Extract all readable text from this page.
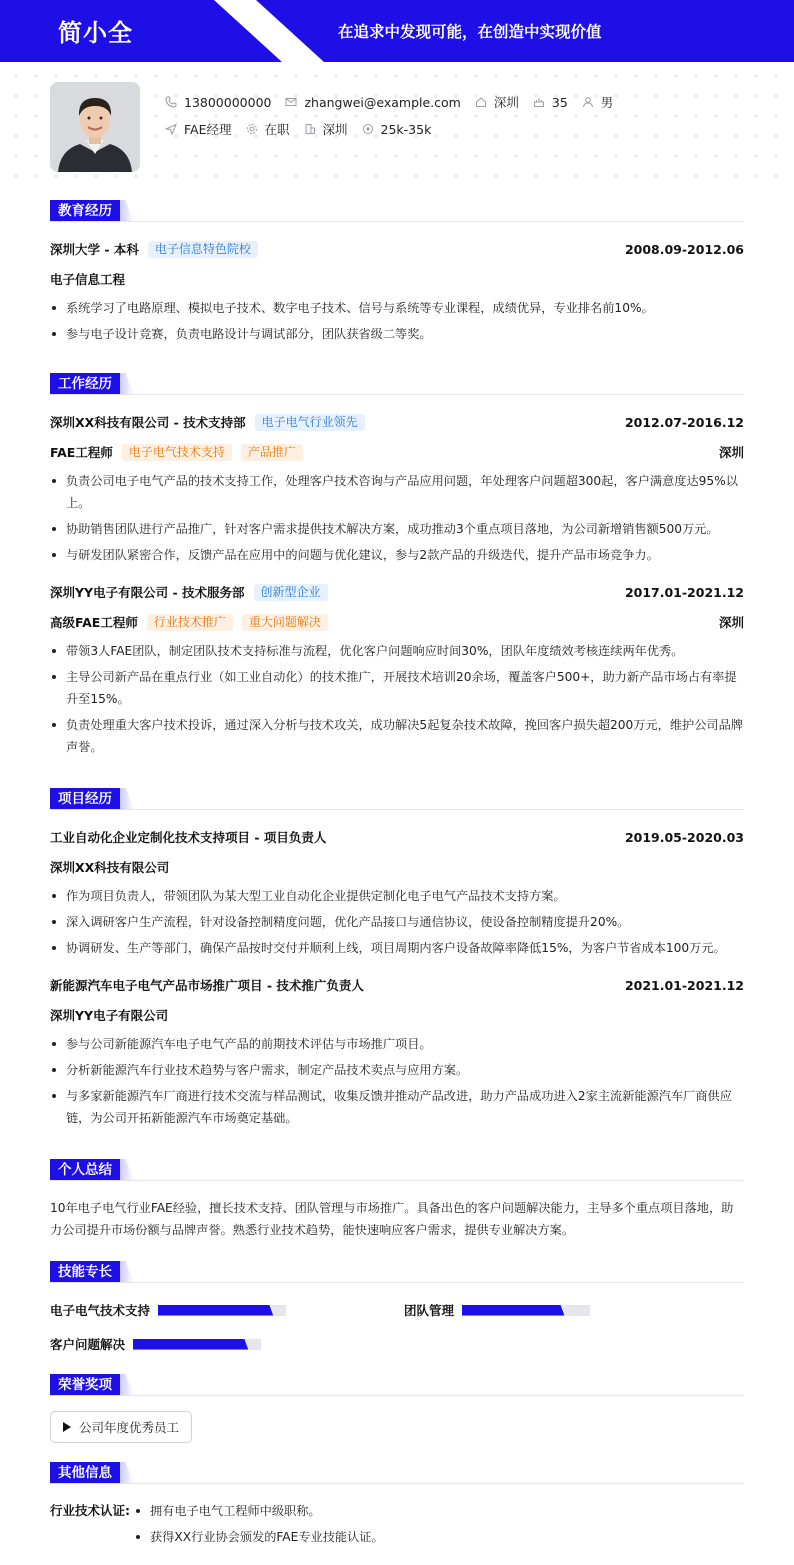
简小全	在追求中发现可能，在创造中实现价值
13800000000	zhangwei@example.com	深圳	35	男
FAE经理	在职	深圳	25k-35k
教育经历
深圳大学 - 本科	电子信息特色院校	2008.09-2012.06
电子信息工程
系统学习了电路原理、模拟电子技术、数字电子技术、信号与系统等专业课程，成绩优异，专业排名前10%。
参与电子设计竞赛，负责电路设计与调试部分，团队获省级二等奖。
工作经历
深圳XX科技有限公司 - 技术支持部	电子电气行业领先	2012.07-2016.12
FAE工程师	电子电气技术支持	产品推广	深圳
负责公司电子电气产品的技术支持工作，处理客户技术咨询与产品应用问题，年处理客户问题超300起，客户满意度达95%以上。
协助销售团队进行产品推广，针对客户需求提供技术解决方案，成功推动3个重点项目落地，为公司新增销售额500万元。
与研发团队紧密合作，反馈产品在应用中的问题与优化建议，参与2款产品的升级迭代，提升产品市场竞争力。
深圳YY电子有限公司 - 技术服务部	创新型企业	2017.01-2021.12
高级FAE工程师	行业技术推广	重大问题解决	深圳
带领3人FAE团队，制定团队技术支持标准与流程，优化客户问题响应时间30%，团队年度绩效考核连续两年优秀。
主导公司新产品在重点行业（如工业自动化）的技术推广，开展技术培训20余场，覆盖客户500+，助力新产品市场占有率提升至15%。
负责处理重大客户技术投诉，通过深入分析与技术攻关，成功解决5起复杂技术故障，挽回客户损失超200万元，维护公司品牌声誉。
项目经历
工业自动化企业定制化技术支持项目 - 项目负责人	2019.05-2020.03
深圳XX科技有限公司
作为项目负责人，带领团队为某大型工业自动化企业提供定制化电子电气产品技术支持方案。
深入调研客户生产流程，针对设备控制精度问题，优化产品接口与通信协议，使设备控制精度提升20%。
协调研发、生产等部门，确保产品按时交付并顺利上线，项目周期内客户设备故障率降低15%，为客户节省成本100万元。
新能源汽车电子电气产品市场推广项目 - 技术推广负责人	2021.01-2021.12
深圳YY电子有限公司
参与公司新能源汽车电子电气产品的前期技术评估与市场推广项目。
分析新能源汽车行业技术趋势与客户需求，制定产品技术卖点与应用方案。
与多家新能源汽车厂商进行技术交流与样品测试，收集反馈并推动产品改进，助力产品成功进入2家主流新能源汽车厂商供应链，为公司开拓新能源汽车市场奠定基础。
个人总结

10年电子电气行业FAE经验，擅长技术支持、团队管理与市场推广。具备出色的客户问题解决能力，主导多个重点项目落地，助力公司提升市场份额与品牌声誉。熟悉行业技术趋势，能快速响应客户需求，提供专业解决方案。

技能专长
电子电气技术支持	团队管理
客户问题解决
荣誉奖项
公司年度优秀员工
其他信息
行业技术认证:	拥有电子电气工程师中级职称。
获得XX行业协会颁发的FAE专业技能认证。
